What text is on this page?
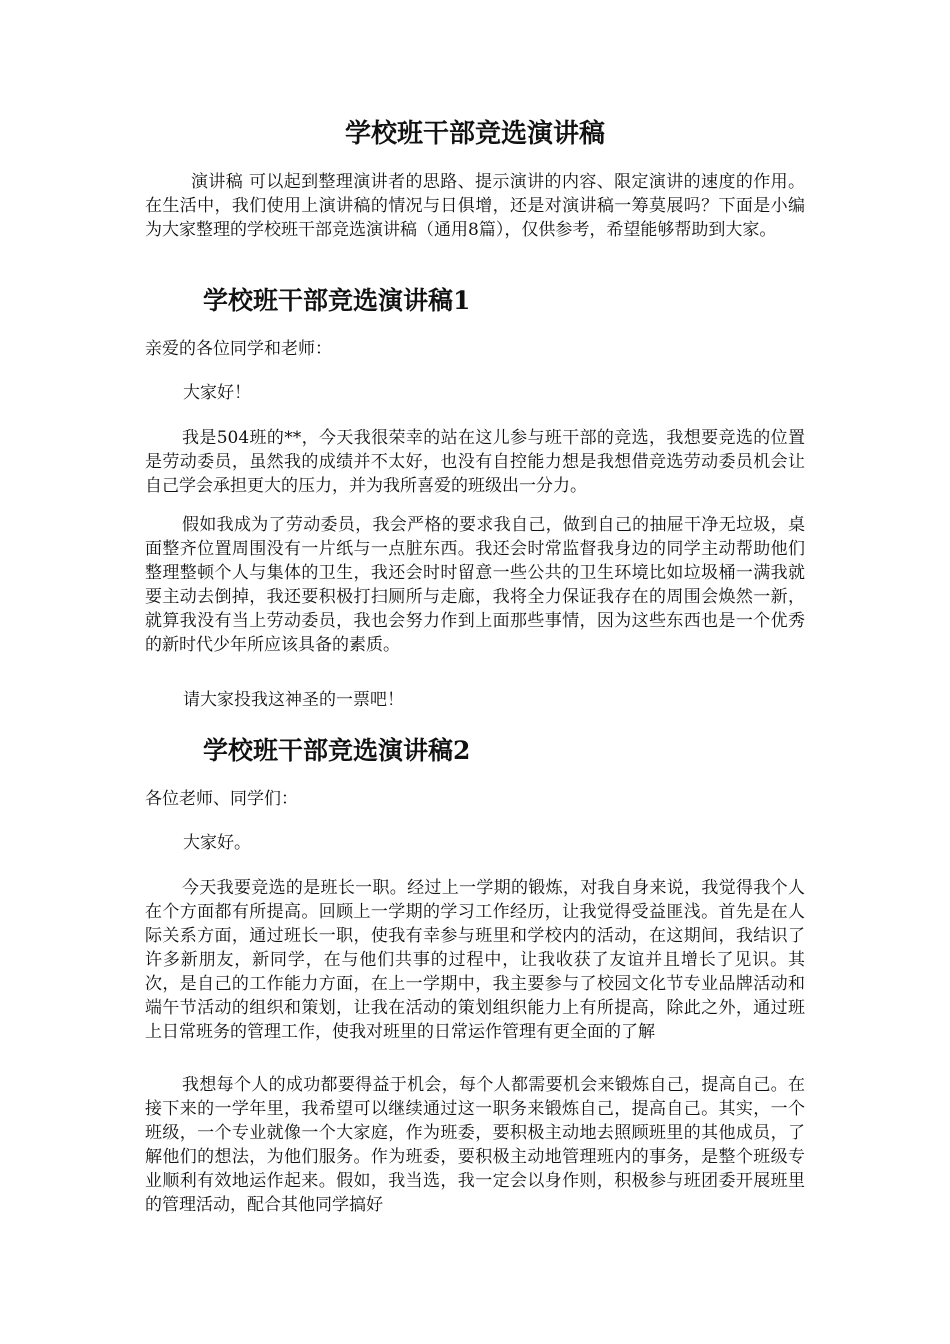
学校班干部竞选演讲稿

演讲稿 可以起到整理演讲者的思路、提示演讲的内容、限定演讲的速度的作用。在生活中，我们使用上演讲稿的情况与日俱增，还是对演讲稿一筹莫展吗？下面是小编为大家整理的学校班干部竞选演讲稿（通用8篇），仅供参考，希望能够帮助到大家。

学校班干部竞选演讲稿1

亲爱的各位同学和老师：

大家好！

我是504班的**，今天我很荣幸的站在这儿参与班干部的竞选，我想要竞选的位置是劳动委员，虽然我的成绩并不太好，也没有自控能力想是我想借竞选劳动委员机会让自己学会承担更大的压力，并为我所喜爱的班级出一分力。

假如我成为了劳动委员，我会严格的要求我自己，做到自己的抽屉干净无垃圾，桌面整齐位置周围没有一片纸与一点脏东西。我还会时常监督我身边的同学主动帮助他们整理整顿个人与集体的卫生，我还会时时留意一些公共的卫生环境比如垃圾桶一满我就要主动去倒掉，我还要积极打扫厕所与走廊，我将全力保证我存在的周围会焕然一新，就算我没有当上劳动委员，我也会努力作到上面那些事情，因为这些东西也是一个优秀的新时代少年所应该具备的素质。

请大家投我这神圣的一票吧！

学校班干部竞选演讲稿2

各位老师、同学们：

大家好。

今天我要竞选的是班长一职。经过上一学期的锻炼，对我自身来说，我觉得我个人在个方面都有所提高。回顾上一学期的学习工作经历，让我觉得受益匪浅。首先是在人际关系方面，通过班长一职，使我有幸参与班里和学校内的活动，在这期间，我结识了许多新朋友，新同学，在与他们共事的过程中，让我收获了友谊并且增长了见识。其次，是自己的工作能力方面，在上一学期中，我主要参与了校园文化节专业品牌活动和端午节活动的组织和策划，让我在活动的策划组织能力上有所提高，除此之外，通过班上日常班务的管理工作，使我对班里的日常运作管理有更全面的了解

我想每个人的成功都要得益于机会，每个人都需要机会来锻炼自己，提高自己。在接下来的一学年里，我希望可以继续通过这一职务来锻炼自己，提高自己。其实，一个班级，一个专业就像一个大家庭，作为班委，要积极主动地去照顾班里的其他成员，了解他们的想法，为他们服务。作为班委，要积极主动地管理班内的事务，是整个班级专业顺利有效地运作起来。假如，我当选，我一定会以身作则，积极参与班团委开展班里的管理活动，配合其他同学搞好
